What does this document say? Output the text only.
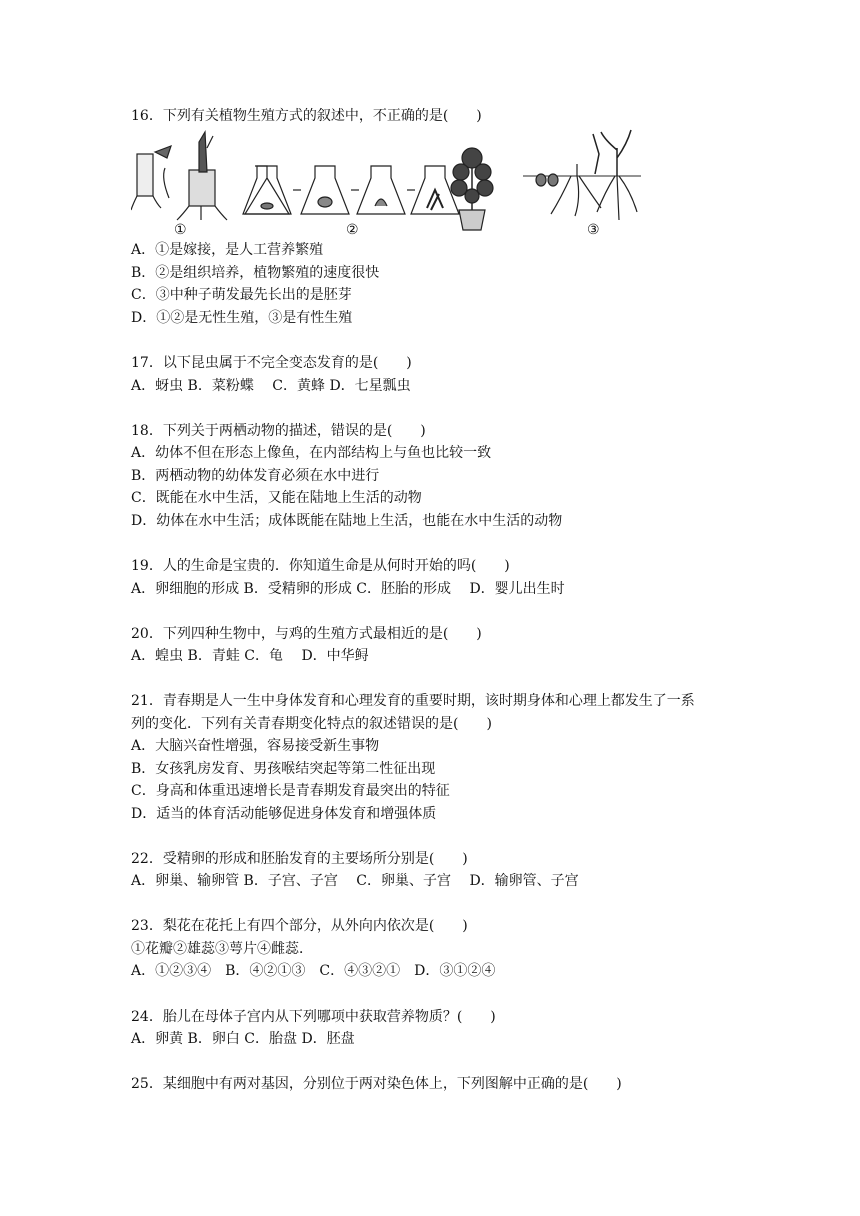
16．下列有关植物生殖方式的叙述中，不正确的是(　　)
①	②	③
A．①是嫁接，是人工营养繁殖
B．②是组织培养，植物繁殖的速度很快
C．③中种子萌发最先长出的是胚芽
D．①②是无性生殖，③是有性生殖
17．以下昆虫属于不完全变态发育的是(　　)
A．蚜虫 B．菜粉蝶　 C．黄蜂 D．七星瓢虫
18．下列关于两栖动物的描述，错误的是(　　)
A．幼体不但在形态上像鱼，在内部结构上与鱼也比较一致
B．两栖动物的幼体发育必须在水中进行
C．既能在水中生活，又能在陆地上生活的动物
D．幼体在水中生活；成体既能在陆地上生活，也能在水中生活的动物
19．人的生命是宝贵的．你知道生命是从何时开始的吗(　　)
A．卵细胞的形成 B．受精卵的形成 C．胚胎的形成　 D．婴儿出生时
20．下列四种生物中，与鸡的生殖方式最相近的是(　　)
A．蝗虫 B．青蛙 C．龟　 D．中华鲟
21．青春期是人一生中身体发育和心理发育的重要时期，该时期身体和心理上都发生了一系
列的变化．下列有关青春期变化特点的叙述错误的是(　　)
A．大脑兴奋性增强，容易接受新生事物
B．女孩乳房发育、男孩喉结突起等第二性征出现
C．身高和体重迅速增长是青春期发育最突出的特征
D．适当的体育活动能够促进身体发育和增强体质
22．受精卵的形成和胚胎发育的主要场所分别是(　　)
A．卵巢、输卵管 B．子宫、子宫　 C．卵巢、子宫　 D．输卵管、子宫
23．梨花在花托上有四个部分，从外向内依次是(　　)
①花瓣②雄蕊③萼片④雌蕊．
A．①②③④　B．④②①③　C．④③②①　D．③①②④
24．胎儿在母体子宫内从下列哪项中获取营养物质？(　　)
A．卵黄 B．卵白 C．胎盘 D．胚盘
25．某细胞中有两对基因，分别位于两对染色体上，下列图解中正确的是(　　)
